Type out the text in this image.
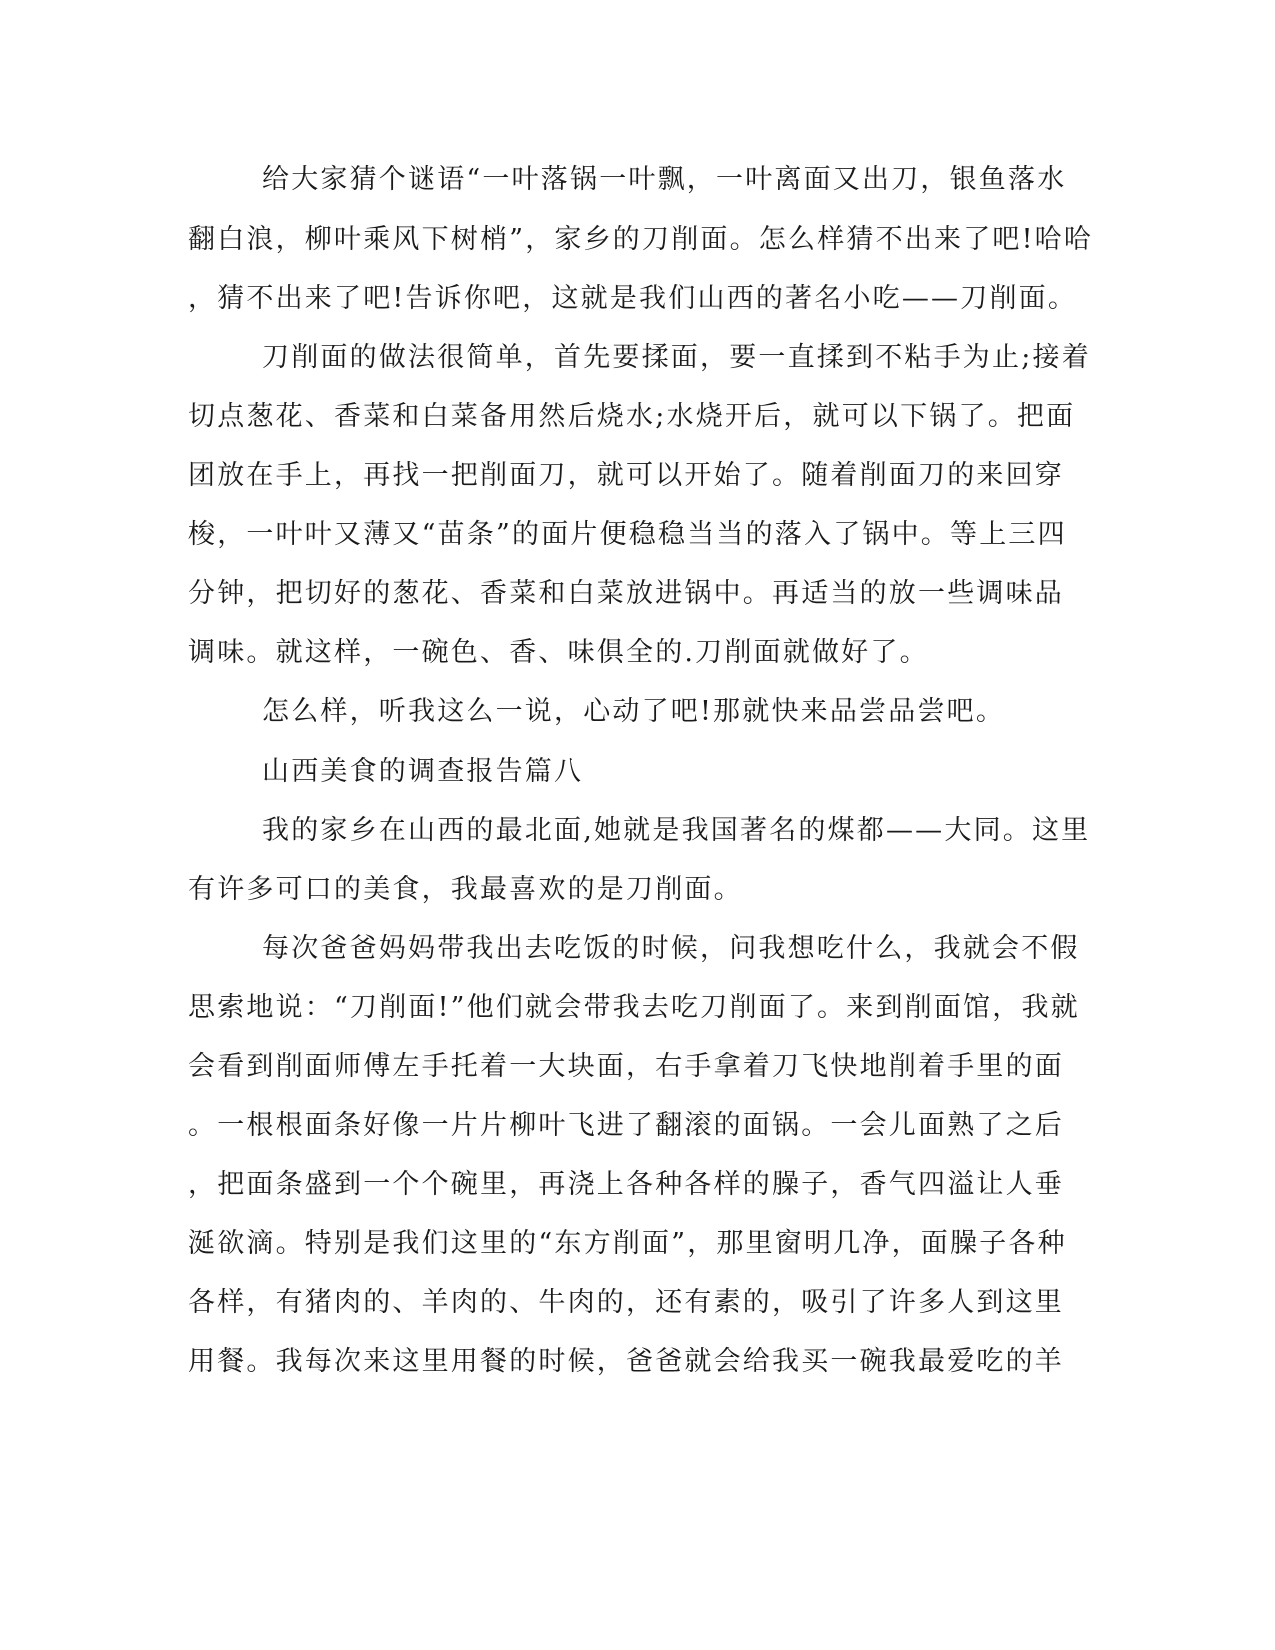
给大家猜个谜语“一叶落锅一叶飘，一叶离面又出刀，银鱼落水
翻白浪，柳叶乘风下树梢”，家乡的刀削面。怎么样猜不出来了吧!哈哈
，猜不出来了吧!告诉你吧，这就是我们山西的著名小吃——刀削面。
刀削面的做法很简单，首先要揉面，要一直揉到不粘手为止;接着
切点葱花、香菜和白菜备用然后烧水;水烧开后，就可以下锅了。把面
团放在手上，再找一把削面刀，就可以开始了。随着削面刀的来回穿
梭，一叶叶又薄又“苗条”的面片便稳稳当当的落入了锅中。等上三四
分钟，把切好的葱花、香菜和白菜放进锅中。再适当的放一些调味品
调味。就这样，一碗色、香、味俱全的.刀削面就做好了。
怎么样，听我这么一说，心动了吧!那就快来品尝品尝吧。
山西美食的调查报告篇八
我的家乡在山西的最北面,她就是我国著名的煤都——大同。这里
有许多可口的美食，我最喜欢的是刀削面。
每次爸爸妈妈带我出去吃饭的时候，问我想吃什么，我就会不假
思索地说：“刀削面!”他们就会带我去吃刀削面了。来到削面馆，我就
会看到削面师傅左手托着一大块面，右手拿着刀飞快地削着手里的面
。一根根面条好像一片片柳叶飞进了翻滚的面锅。一会儿面熟了之后
，把面条盛到一个个碗里，再浇上各种各样的臊子，香气四溢让人垂
涎欲滴。特别是我们这里的“东方削面”，那里窗明几净，面臊子各种
各样，有猪肉的、羊肉的、牛肉的，还有素的，吸引了许多人到这里
用餐。我每次来这里用餐的时候，爸爸就会给我买一碗我最爱吃的羊
